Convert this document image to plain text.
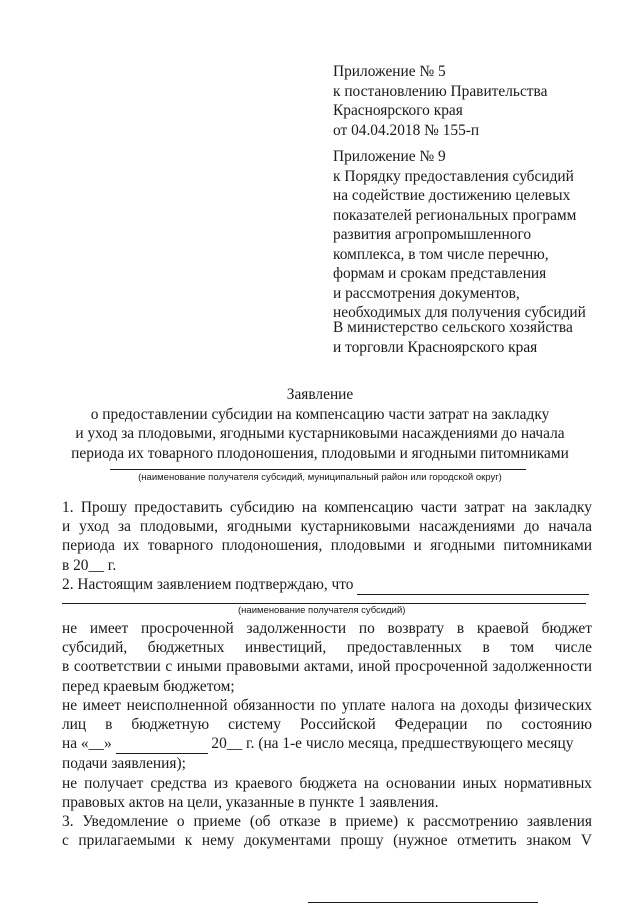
Приложение № 5
к постановлению Правительства
Красноярского края
от 04.04.2018 № 155-п
Приложение № 9
к Порядку предоставления субсидий
на содействие достижению целевых
показателей региональных программ
развития агропромышленного
комплекса, в том числе перечню,
формам и срокам представления
и рассмотрения документов,
необходимых для получения субсидий
В министерство сельского хозяйства
и торговли Красноярского края
Заявление
о предоставлении субсидии на компенсацию части затрат на закладку
и уход за плодовыми, ягодными кустарниковыми насаждениями до начала
периода их товарного плодоношения, плодовыми и ягодными питомниками
(наименование получателя субсидий, муниципальный район или городской округ)
1. Прошу предоставить субсидию на компенсацию части затрат на закладку
и уход за плодовыми, ягодными кустарниковыми насаждениями до начала
периода их товарного плодоношения, плодовыми и ягодными питомниками
в 20__ г.
2. Настоящим заявлением подтверждаю, что
(наименование получателя субсидий)
не имеет просроченной задолженности по возврату в краевой бюджет
субсидий, бюджетных инвестиций, предоставленных в том числе
в соответствии с иными правовыми актами, иной просроченной задолженности
перед краевым бюджетом;
не имеет неисполненной обязанности по уплате налога на доходы физических
лиц в бюджетную систему Российской Федерации по состоянию
на «__»	20__ г. (на 1-е число месяца, предшествующего месяцу
подачи заявления);
не получает средства из краевого бюджета на основании иных нормативных
правовых актов на цели, указанные в пункте 1 заявления.
3. Уведомление о приеме (об отказе в приеме) к рассмотрению заявления
с прилагаемыми к нему документами прошу (нужное отметить знаком V
